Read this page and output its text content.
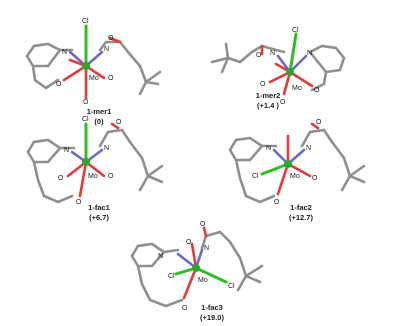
Cl
N	N
O
Mo O
O
O
1-mer1
(0)
Cl
N	N
O
O
Mo O
O
1-mer2
(+1.4 )
Cl
N	N
O
Mo O
O
O
1-fac1
(+6.7)
Cl
N	N
O
Mo O
O
1-fac2
(+12.7)
Cl
Cl
N
N
O
O
Mo
O 1-fac3
(+19.0)
